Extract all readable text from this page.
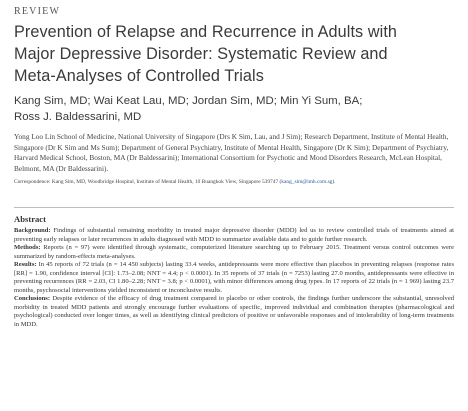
REVIEW
Prevention of Relapse and Recurrence in Adults with
Major Depressive Disorder: Systematic Review and
Meta-Analyses of Controlled Trials
Kang Sim, MD; Wai Keat Lau, MD; Jordan Sim, MD; Min Yi Sum, BA;
Ross J. Baldessarini, MD

Yong Loo Lin School of Medicine, National University of Singapore (Drs K Sim, Lau, and J Sim); Research Department, Institute of Mental Health, Singapore (Dr K Sim and Ms Sum); Department of General Psychiatry, Institute of Mental Health, Singapore (Dr K Sim); Department of Psychiatry, Harvard Medical School, Boston, MA (Dr Baldessarini); International Consortium for Psychotic and Mood Disorders Research, McLean Hospital, Belmont, MA (Dr Baldessarini).

Correspondence: Kang Sim, MD, Woodbridge Hospital, Institute of Mental Health, 10 Buangkok View, Singapore 539747 (kang_sim@imh.com.sg).

Abstract

Background: Findings of substantial remaining morbidity in treated major depressive disorder (MDD) led us to review controlled trials of treatments aimed at preventing early relapses or later recurrences in adults diagnosed with MDD to summarize available data and to guide further research.

Methods: Reports (n = 97) were identified through systematic, computerized literature searching up to February 2015. Treatment versus control outcomes were summarized by random-effects meta-analyses.

Results: In 45 reports of 72 trials (n = 14 450 subjects) lasting 33.4 weeks, antidepressants were more effective than placebos in preventing relapses (response rates [RR] = 1.90, confidence interval [CI]: 1.73–2.08; NNT = 4.4; p < 0.0001). In 35 reports of 37 trials (n = 7253) lasting 27.0 months, antidepressants were effective in preventing recurrences (RR = 2.03, CI 1.80–2.28; NNT = 3.8; p < 0.0001), with minor differences among drug types. In 17 reports of 22 trials (n = 1 969) lasting 23.7 months, psychosocial interventions yielded inconsistent or inconclusive results.

Conclusions: Despite evidence of the efficacy of drug treatment compared to placebo or other controls, the findings further underscore the substantial, unresolved morbidity in treated MDD patients and strongly encourage further evaluations of specific, improved individual and combination therapies (pharmacological and psychological) conducted over longer times, as well as identifying clinical predictors of positive or unfavorable responses and of intolerability of long-term treatments in MDD.
